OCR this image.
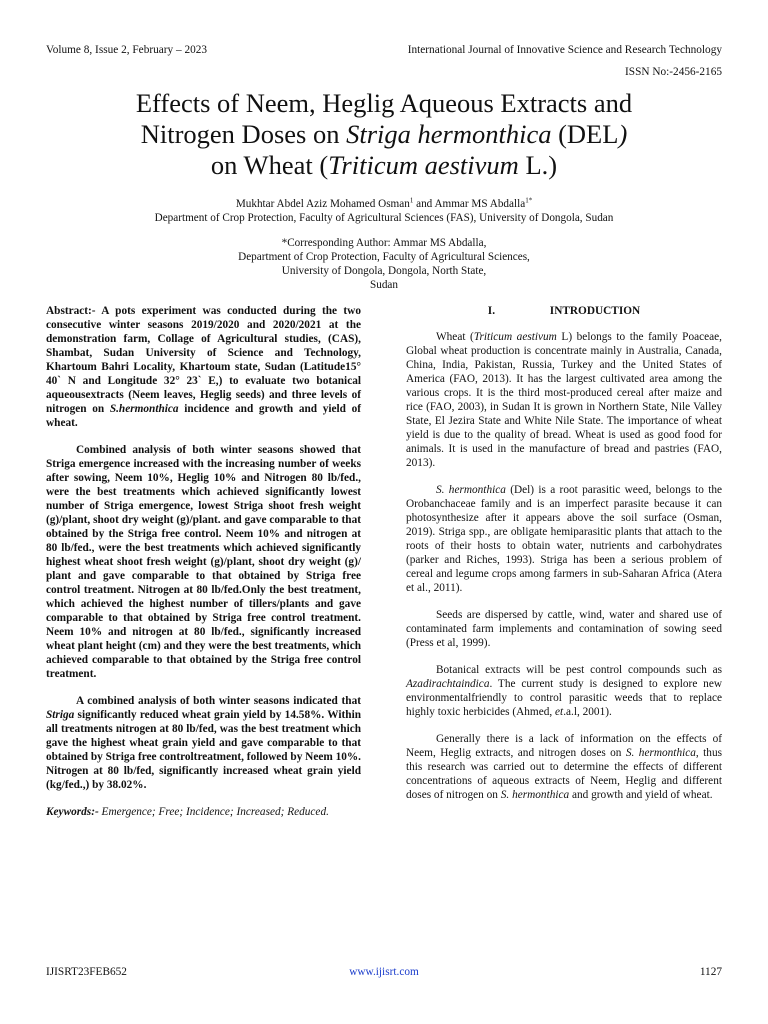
Volume 8, Issue 2, February – 2023	International Journal of Innovative Science and Research Technology
ISSN No:-2456-2165
Effects of Neem, Heglig Aqueous Extracts and
Nitrogen Doses on Striga hermonthica (DEL)
on Wheat (Triticum aestivum L.)
Mukhtar Abdel Aziz Mohamed Osman$^1$ and Ammar MS Abdalla$^{1*}$
Department of Crop Protection, Faculty of Agricultural Sciences (FAS), University of Dongola, Sudan
*Corresponding Author: Ammar MS Abdalla,
Department of Crop Protection, Faculty of Agricultural Sciences,
University of Dongola, Dongola, North State,
Sudan

Abstract:- A pots experiment was conducted during the two consecutive winter seasons 2019/2020 and 2020/2021 at the demonstration farm, Collage of Agricultural studies, (CAS), Shambat, Sudan University of Science and Technology, Khartoum Bahri Locality, Khartoum state, Sudan (Latitude15° 40` N and Longitude 32° 23` E,) to evaluate two botanical aqueousextracts (Neem leaves, Heglig seeds) and three levels of nitrogen on S.hermonthica incidence and growth and yield of wheat.

Combined analysis of both winter seasons showed that Striga emergence increased with the increasing number of weeks after sowing, Neem 10%, Heglig 10% and Nitrogen 80 lb/fed., were the best treatments which achieved significantly lowest number of Striga emergence, lowest Striga shoot fresh weight (g)/plant, shoot dry weight (g)/plant. and gave comparable to that obtained by the Striga free control. Neem 10% and nitrogen at 80 lb/fed., were the best treatments which achieved significantly highest wheat shoot fresh weight (g)/plant, shoot dry weight (g)/ plant and gave comparable to that obtained by Striga free control treatment. Nitrogen at 80 lb/fed.Only the best treatment, which achieved the highest number of tillers/plants and gave comparable to that obtained by Striga free control treatment. Neem 10% and nitrogen at 80 lb/fed., significantly increased wheat plant height (cm) and they were the best treatments, which achieved comparable to that obtained by the Striga free control treatment.

A combined analysis of both winter seasons indicated that Striga significantly reduced wheat grain yield by 14.58%. Within all treatments nitrogen at 80 lb/fed, was the best treatment which gave the highest wheat grain yield and gave comparable to that obtained by Striga free controltreatment, followed by Neem 10%. Nitrogen at 80 lb/fed, significantly increased wheat grain yield (kg/fed.,) by 38.02%.

Keywords:- Emergence; Free; Incidence; Increased; Reduced.

I.	INTRODUCTION

Wheat (Triticum aestivum L) belongs to the family Poaceae, Global wheat production is concentrate mainly in Australia, Canada, China, India, Pakistan, Russia, Turkey and the United States of America (FAO, 2013). It has the largest cultivated area among the various crops. It is the third most-produced cereal after maize and rice (FAO, 2003), in Sudan It is grown in Northern State, Nile Valley State, El Jezira State and White Nile State. The importance of wheat yield is due to the quality of bread. Wheat is used as good food for animals. It is used in the manufacture of bread and pastries (FAO, 2013).

S. hermonthica (Del) is a root parasitic weed, belongs to the Orobanchaceae family and is an imperfect parasite because it can photosynthesize after it appears above the soil surface (Osman, 2019). Striga spp., are obligate hemiparasitic plants that attach to the roots of their hosts to obtain water, nutrients and carbohydrates (parker and Riches, 1993). Striga has been a serious problem of cereal and legume crops among farmers in sub-Saharan Africa (Atera et al., 2011).

Seeds are dispersed by cattle, wind, water and shared use of contaminated farm implements and contamination of sowing seed (Press et al, 1999).

Botanical extracts will be pest control compounds such as Azadirachtaindica. The current study is designed to explore new environmentalfriendly to control parasitic weeds that to replace highly toxic herbicides (Ahmed, et.a.l, 2001).

Generally there is a lack of information on the effects of Neem, Heglig extracts, and nitrogen doses on S. hermonthica, thus this research was carried out to determine the effects of different concentrations of aqueous extracts of Neem, Heglig and different doses of nitrogen on S. hermonthica and growth and yield of wheat.

IJISRT23FEB652	www.ijisrt.com	1127
